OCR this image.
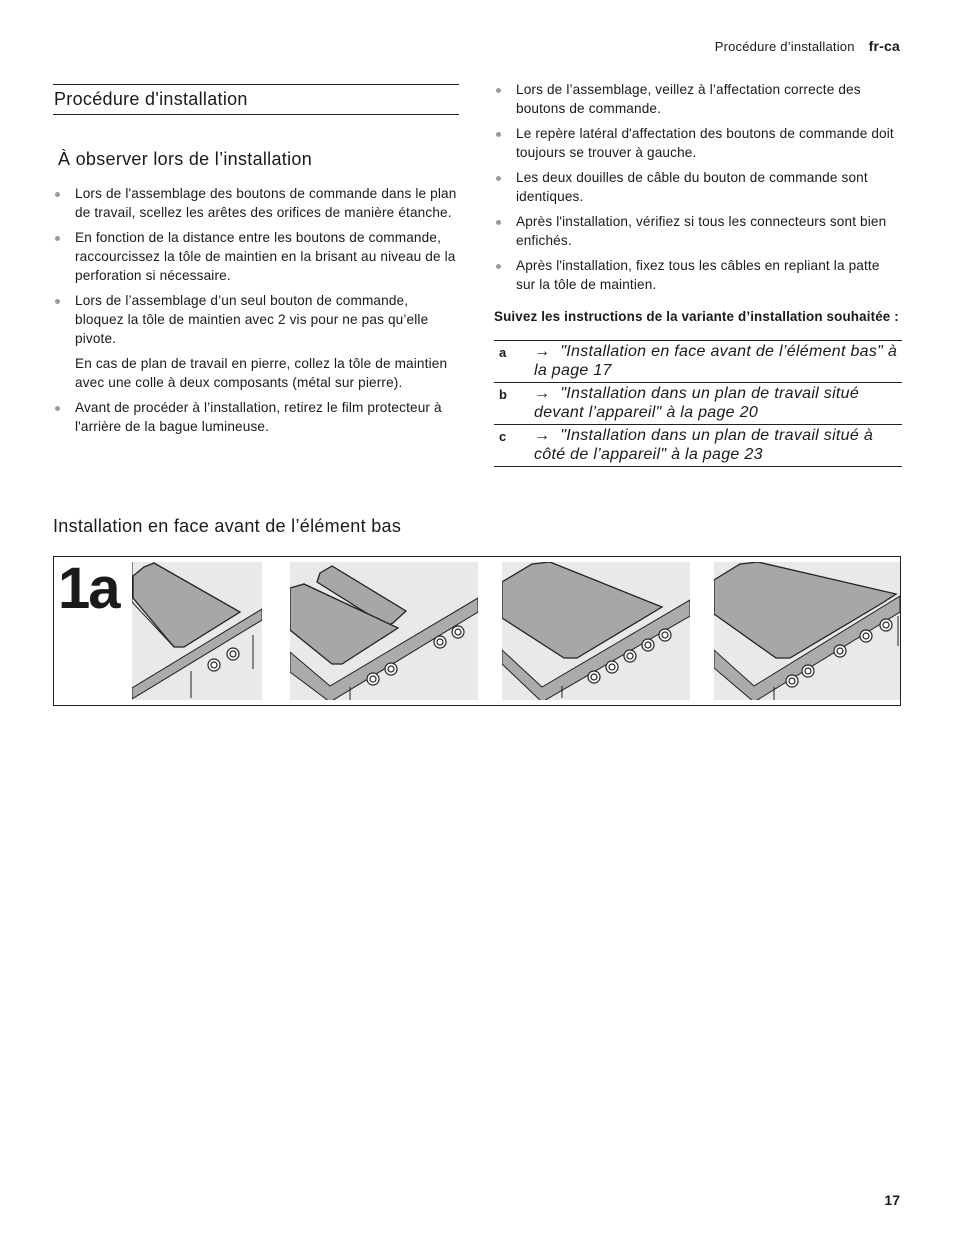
Procédure d’installation fr-ca
Procédure d'installation
À observer lors de l’installation
Lors de l'assemblage des boutons de commande dans le plan de travail, scellez les arêtes des orifices de manière étanche.
En fonction de la distance entre les boutons de commande, raccourcissez la tôle de maintien en la brisant au niveau de la perforation si nécessaire.
Lors de l’assemblage d’un seul bouton de commande, bloquez la tôle de maintien avec 2 vis pour ne pas qu’elle pivote.
En cas de plan de travail en pierre, collez la tôle de maintien avec une colle à deux composants (métal sur pierre).
Avant de procéder à l’installation, retirez le film protecteur à l'arrière de la bague lumineuse.
Lors de l’assemblage, veillez à l’affectation correcte des boutons de commande.
Le repère latéral d'affectation des boutons de commande doit toujours se trouver à gauche.
Les deux douilles de câble du bouton de commande sont identiques.
Après l'installation, vérifiez si tous les connecteurs sont bien enfichés.
Après l'installation, fixez tous les câbles en repliant la patte sur la tôle de maintien.

Suivez les instructions de la variante d’installation souhaitée :

a	→ "Installation en face avant de l’élément bas" à la page 17
b	→ "Installation dans un plan de travail situé devant l’appareil" à la page 20
c	→ "Installation dans un plan de travail situé à côté de l’appareil" à la page 23
Installation en face avant de l’élément bas
1a
17
